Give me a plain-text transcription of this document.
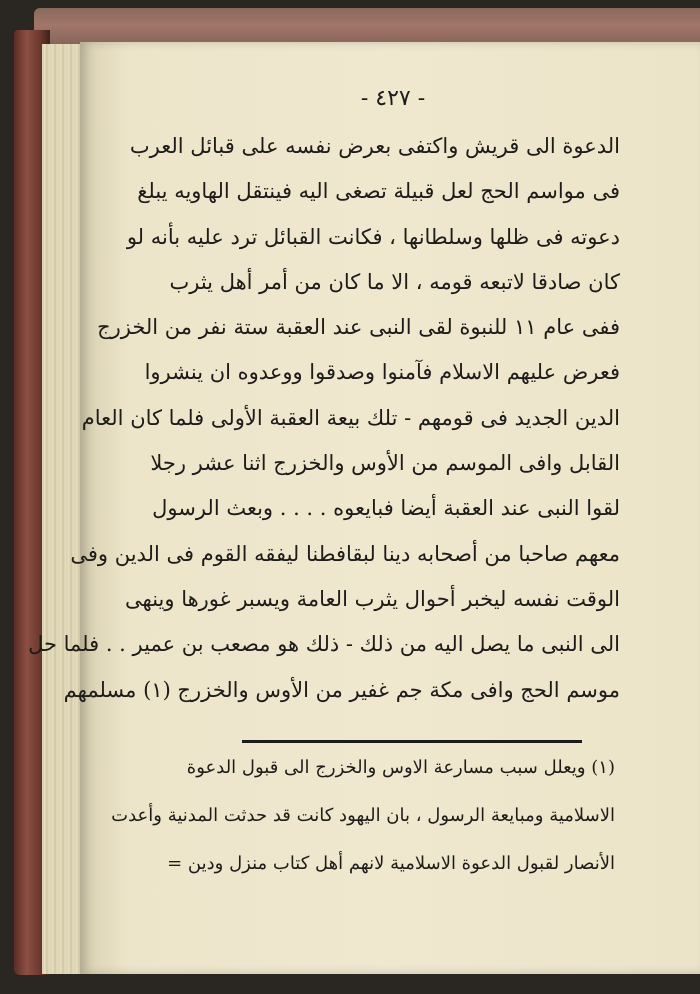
- ٤٢٧ -
الدعوة الى قريش واكتفى بعرض نفسه على قبائل العرب
فى مواسم الحج لعل قبيلة تصغى اليه فينتقل الهاويه يبلغ
دعوته فى ظلها وسلطانها ، فكانت القبائل ترد عليه بأنه لو
كان صادقا لاتبعه قومه ، الا ما كان من أمر أهل يثرب
ففى عام ١١ للنبوة لقى النبى عند العقبة ستة نفر من الخزرج
فعرض عليهم الاسلام فآمنوا وصدقوا ووعدوه ان ينشروا
الدين الجديد فى قومهم - تلك بيعة العقبة الأولى فلما كان العام
القابل وافى الموسم من الأوس والخزرج اثنا عشر رجلا
لقوا النبى عند العقبة أيضا فبايعوه . . . . وبعث الرسول
معهم صاحبا من أصحابه دينا لبقافطنا ليفقه القوم فى الدين وفى
الوقت نفسه ليخبر أحوال يثرب العامة ويسبر غورها وينهى
الى النبى ما يصل اليه من ذلك - ذلك هو مصعب بن عمير . . فلما حل
موسم الحج وافى مكة جم غفير من الأوس والخزرج (١) مسلمهم
(١) ويعلل سبب مسارعة الاوس والخزرج الى قبول الدعوة
الاسلامية ومبايعة الرسول ، بان اليهود كانت قد حدثت المدنية وأعدت
الأنصار لقبول الدعوة الاسلامية لانهم أهل كتاب منزل ودين =
